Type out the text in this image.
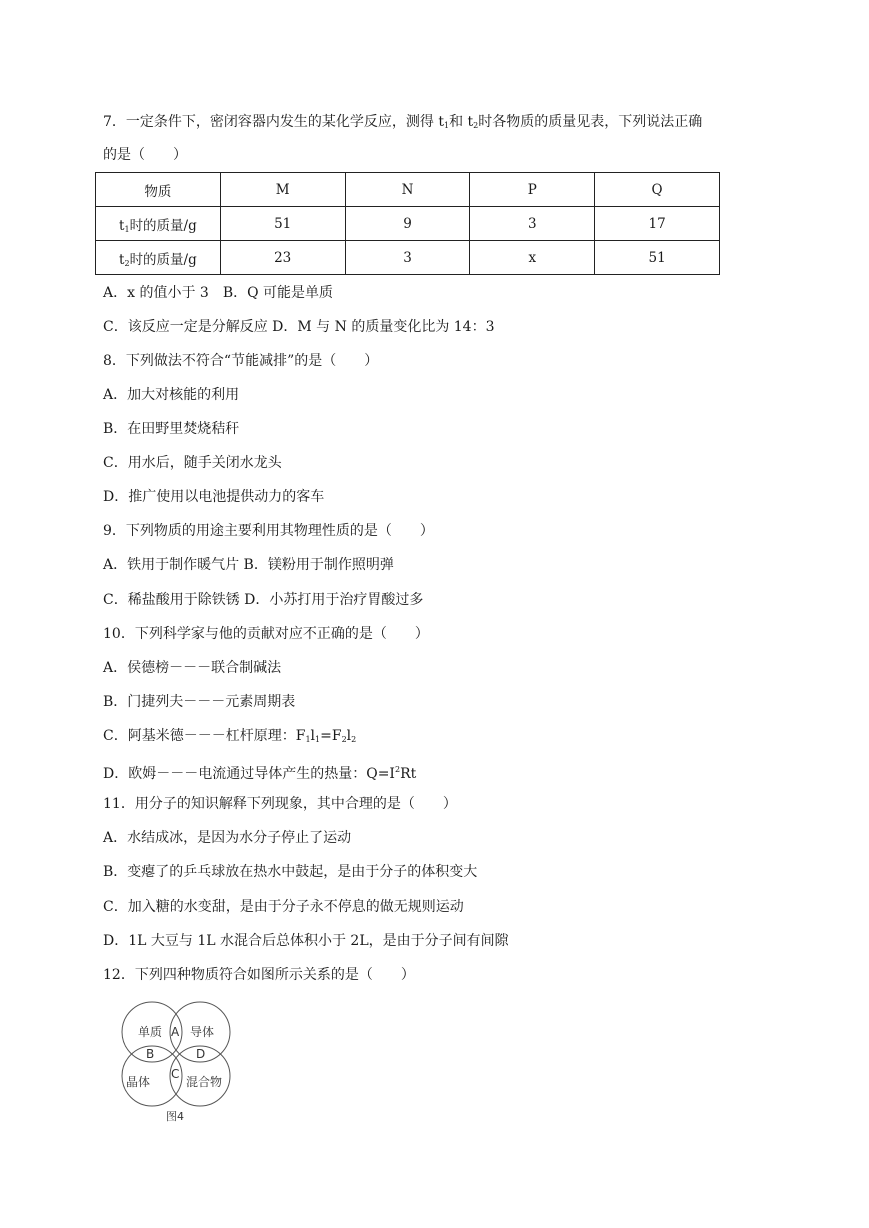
7．一定条件下，密闭容器内发生的某化学反应，测得 $t_1$和 $t_2$时各物质的质量见表，下列说法正确
的是（　　）
物质	M	N	P	Q
$t_1$时的质量/g	51	9	3	17
$t_2$时的质量/g	23	3	x	51
A．x 的值小于 3　B．Q 可能是单质
C．该反应一定是分解反应 D．M 与 N 的质量变化比为 14：3
8．下列做法不符合“节能减排”的是（　　）
A．加大对核能的利用
B．在田野里焚烧秸秆
C．用水后，随手关闭水龙头
D．推广使用以电池提供动力的客车
9．下列物质的用途主要利用其物理性质的是（　　）
A．铁用于制作暖气片 B．镁粉用于制作照明弹
C．稀盐酸用于除铁锈 D．小苏打用于治疗胃酸过多
10．下列科学家与他的贡献对应不正确的是（　　）
A．侯德榜－－－联合制碱法
B．门捷列夫－－－元素周期表
C．阿基米德－－－杠杆原理：$F_1l_1=F_2l_2$
D．欧姆－－－电流通过导体产生的热量：$Q=I^2Rt$
11．用分子的知识解释下列现象，其中合理的是（　　）
A．水结成冰，是因为水分子停止了运动
B．变瘪了的乒乓球放在热水中鼓起，是由于分子的体积变大
C．加入糖的水变甜，是由于分子永不停息的做无规则运动
D．1L 大豆与 1L 水混合后总体积小于 2L，是由于分子间有间隙
12．下列四种物质符合如图所示关系的是（　　）
单质 导体
晶体	混合物
A
B
C
D
图4
